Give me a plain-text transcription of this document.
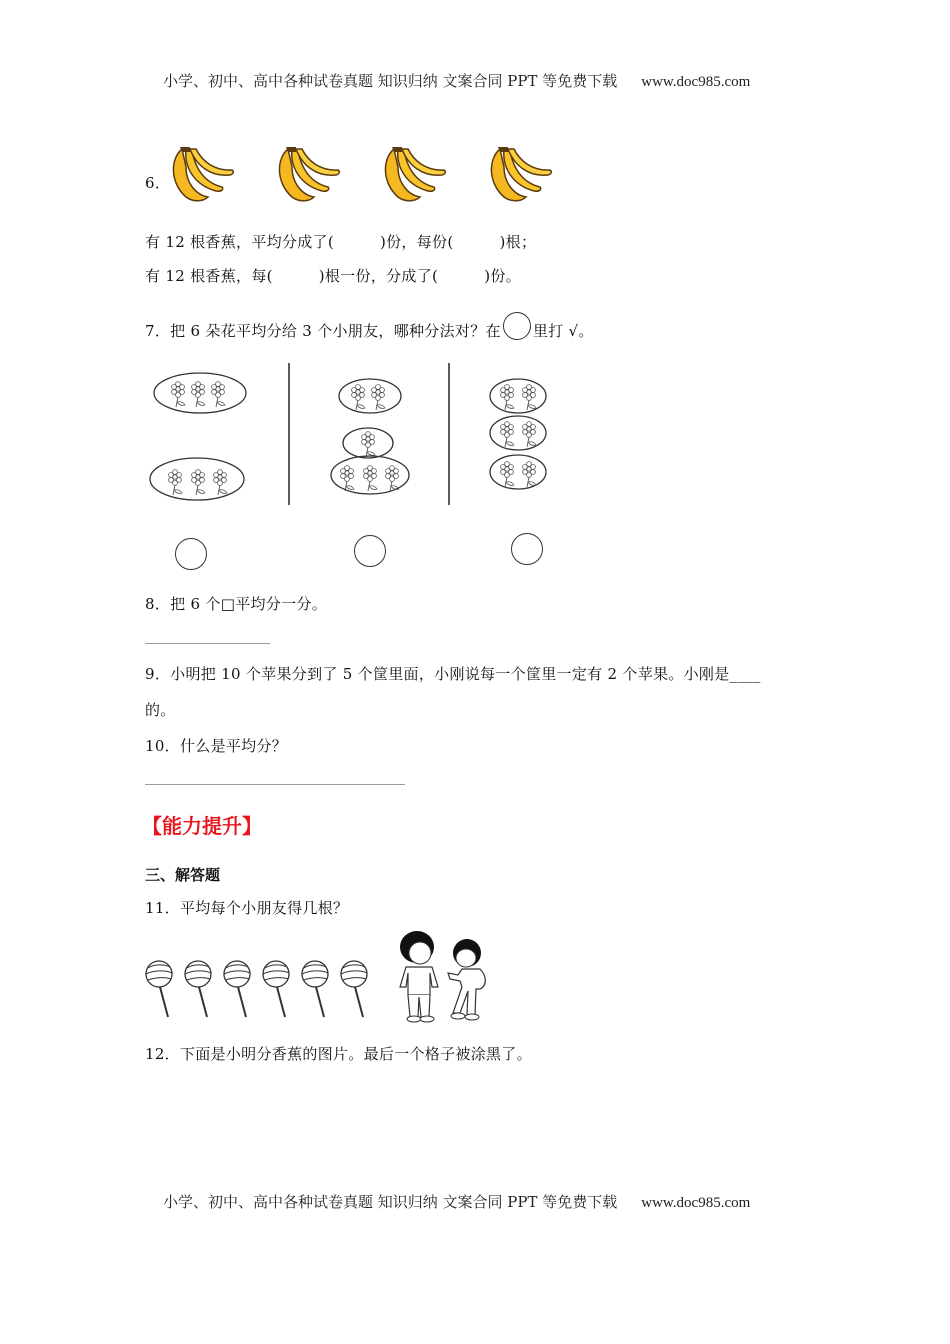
小学、初中、高中各种试卷真题 知识归纳 文案合同 PPT 等免费下载 www.doc985.com
6．
有 12 根香蕉，平均分成了(	)份，每份(	)根；
有 12 根香蕉，每(	)根一份，分成了(	)份。
7．把 6 朵花平均分给 3 个小朋友，哪种分法对？在 里打 √。
8．把 6 个□平均分一分。
9．小明把 10 个苹果分到了 5 个筐里面，小刚说每一个筐里一定有 2 个苹果。小刚是____
的。
10．什么是平均分？
【能力提升】
三、解答题
11．平均每个小朋友得几根？
12．下面是小明分香蕉的图片。最后一个格子被涂黑了。
小学、初中、高中各种试卷真题 知识归纳 文案合同 PPT 等免费下载 www.doc985.com
